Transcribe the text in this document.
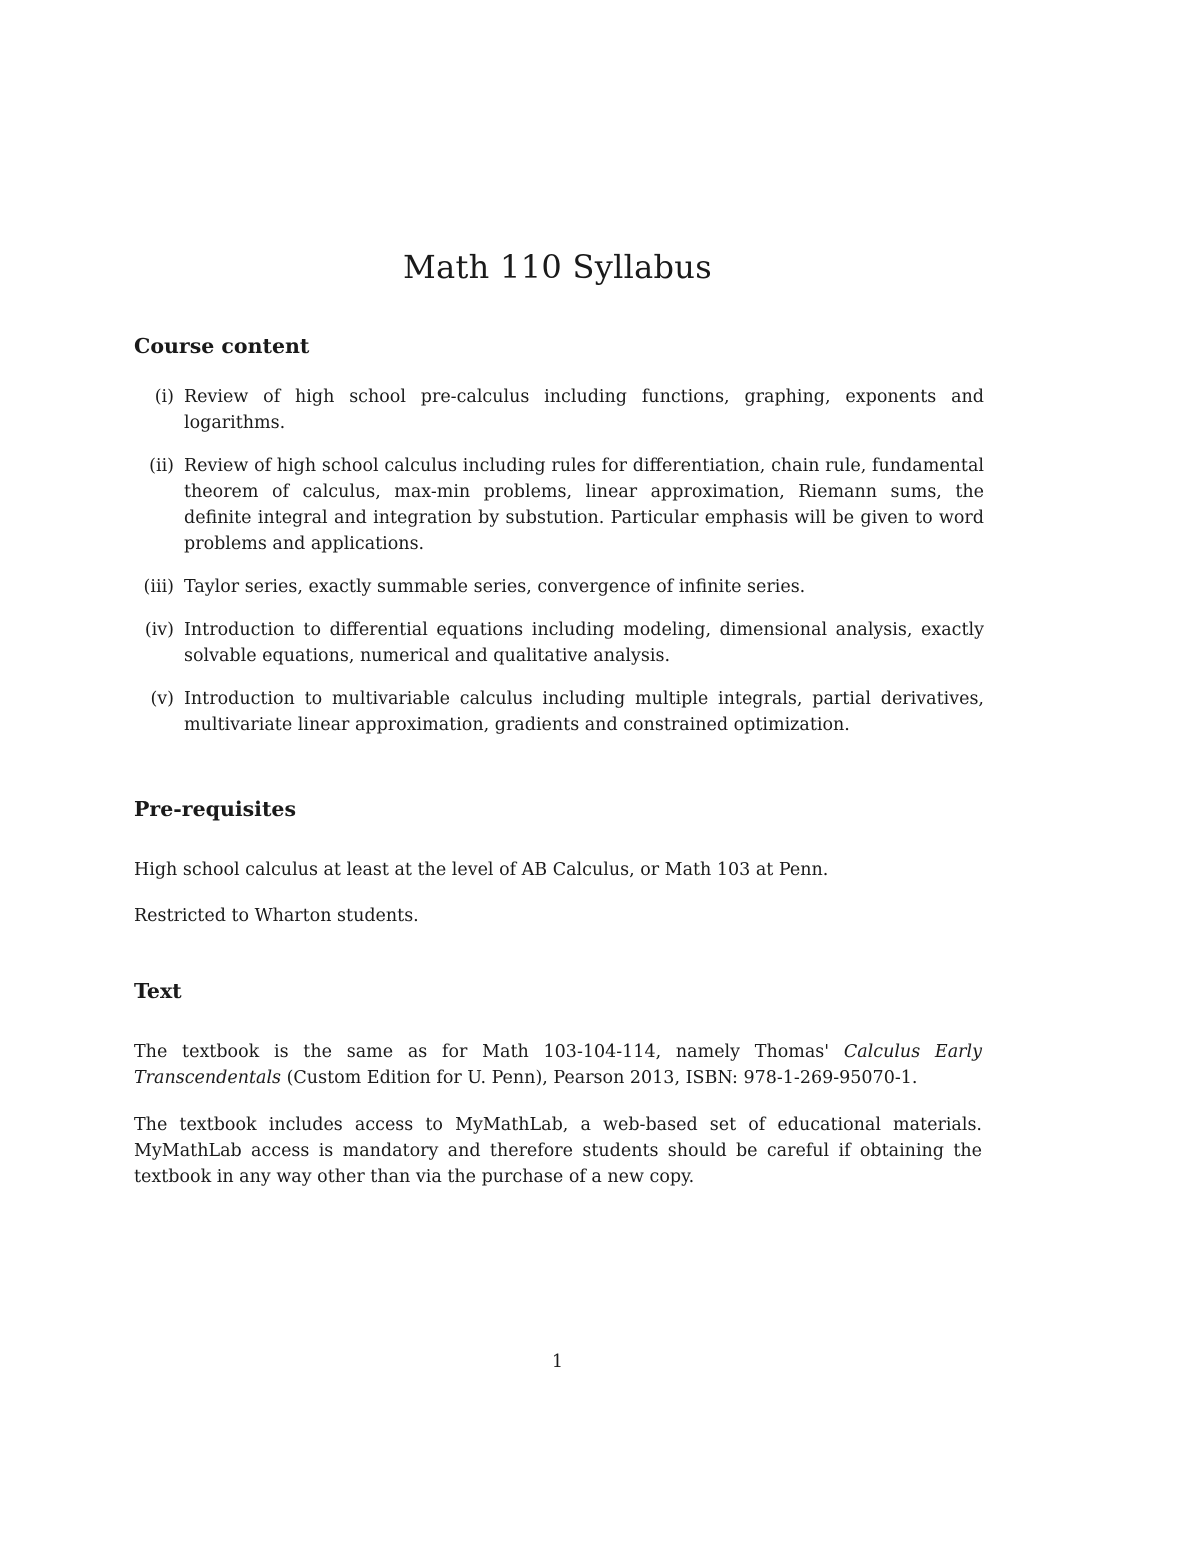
Math 110 Syllabus
Course content
(i) Review of high school pre-calculus including functions, graphing, exponents and logarithms.
(ii) Review of high school calculus including rules for differentiation, chain rule, fundamental theorem of calculus, max-min problems, linear approximation, Riemann sums, the definite integral and integration by substution. Particular emphasis will be given to word problems and applications.
(iii) Taylor series, exactly summable series, convergence of infinite series.
(iv) Introduction to differential equations including modeling, dimensional analysis, exactly solvable equations, numerical and qualitative analysis.
(v) Introduction to multivariable calculus including multiple integrals, partial derivatives, multivariate linear approximation, gradients and constrained optimization.
Pre-requisites

High school calculus at least at the level of AB Calculus, or Math 103 at Penn.

Restricted to Wharton students.

Text

The textbook is the same as for Math 103-104-114, namely Thomas' Calculus Early Transcendentals (Custom Edition for U. Penn), Pearson 2013, ISBN: 978-1-269-95070-1.

The textbook includes access to MyMathLab, a web-based set of educational materials. MyMathLab access is mandatory and therefore students should be careful if obtaining the textbook in any way other than via the purchase of a new copy.

1
